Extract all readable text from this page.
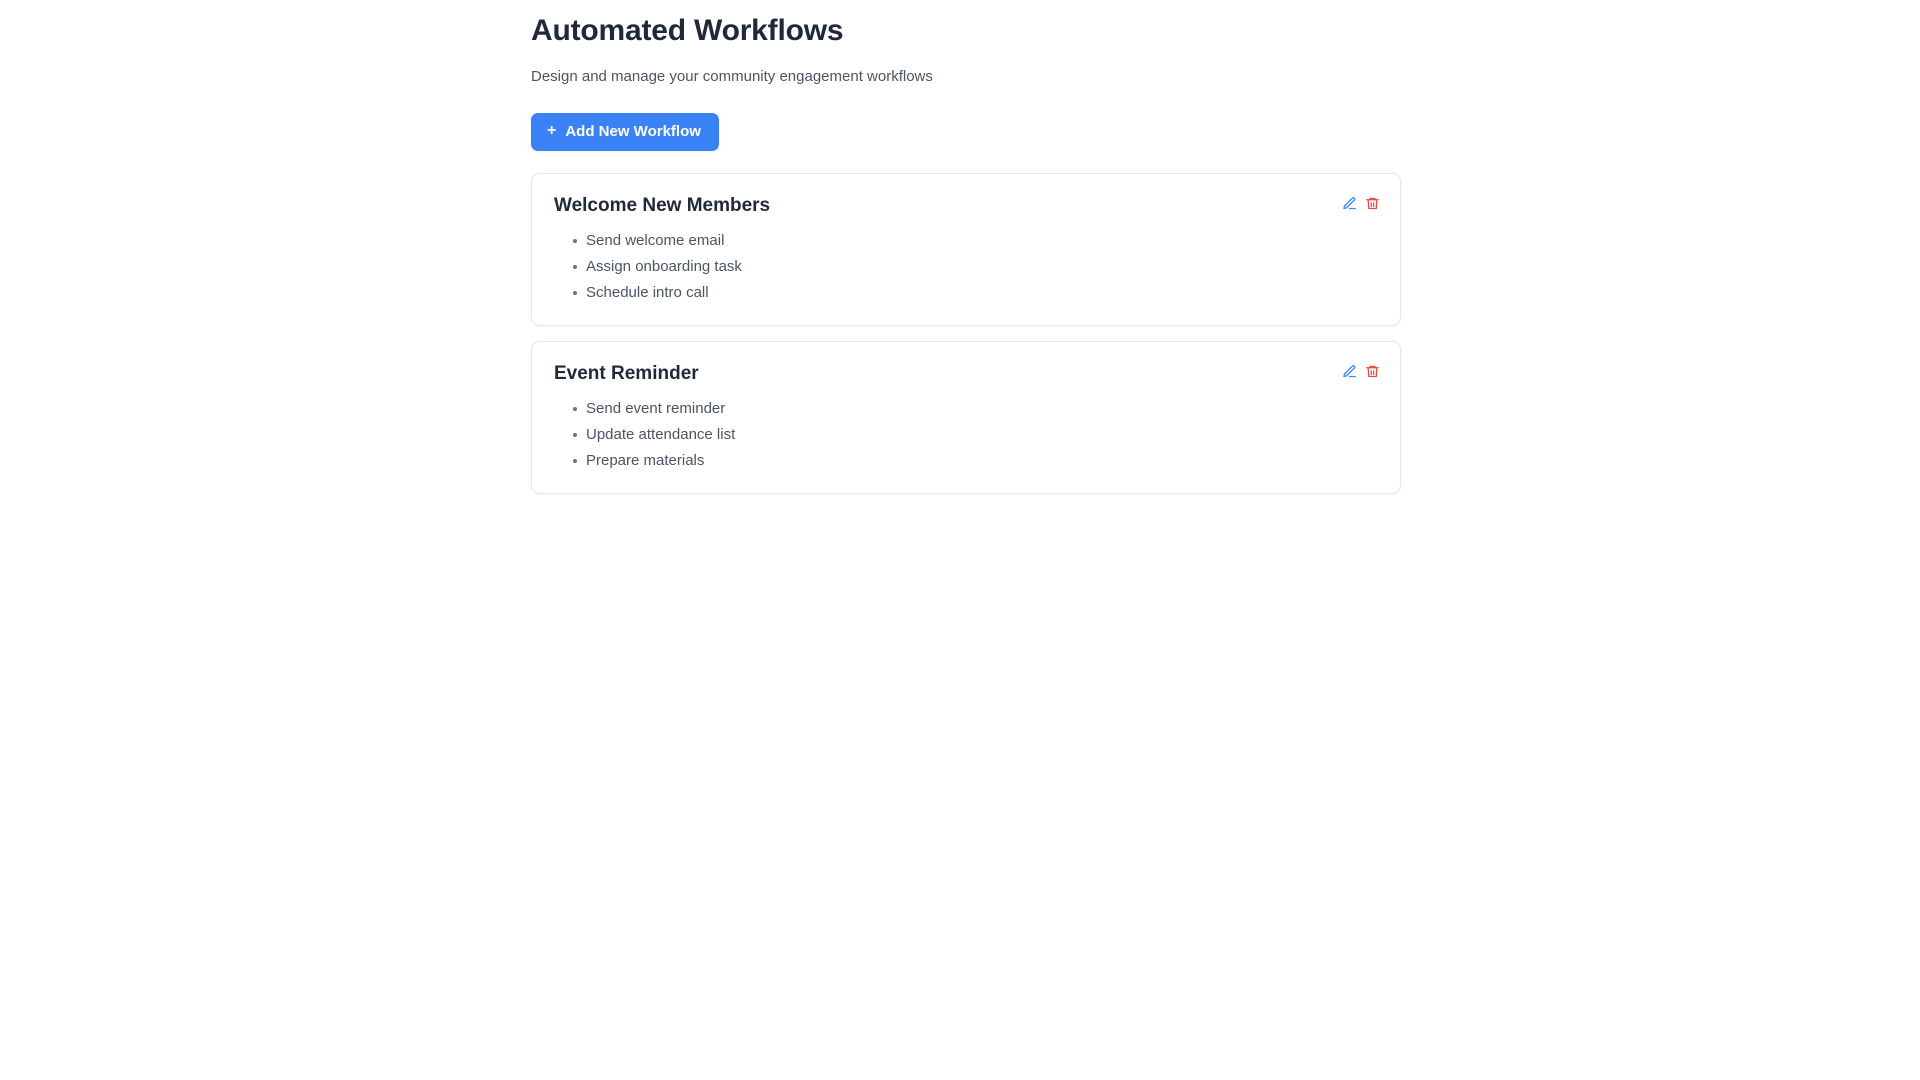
Automated Workflows

Design and manage your community engagement workflows

+ Add New Workflow
Welcome New Members
Send welcome email
Assign onboarding task
Schedule intro call
Event Reminder
Send event reminder
Update attendance list
Prepare materials
